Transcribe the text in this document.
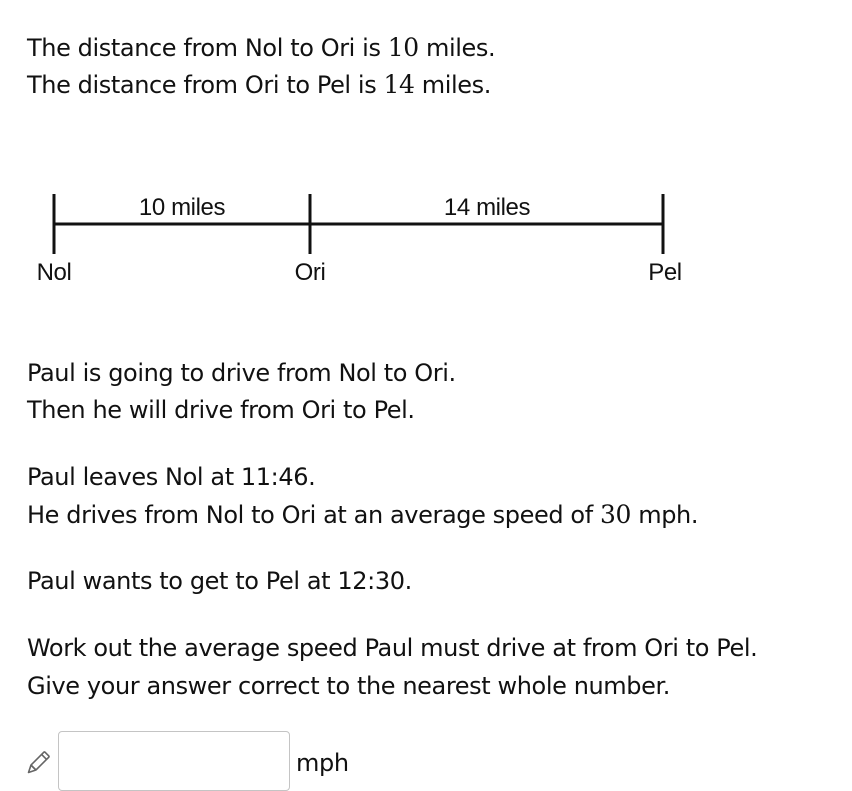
The distance from Nol to Ori is 10 miles.
The distance from Ori to Pel is 14 miles.
10 miles	14 miles
Nol	Ori	Pel
Paul is going to drive from Nol to Ori.
Then he will drive from Ori to Pel.
Paul leaves Nol at 11:46.
He drives from Nol to Ori at an average speed of 30 mph.
Paul wants to get to Pel at 12:30.
Work out the average speed Paul must drive at from Ori to Pel.
Give your answer correct to the nearest whole number.
mph
